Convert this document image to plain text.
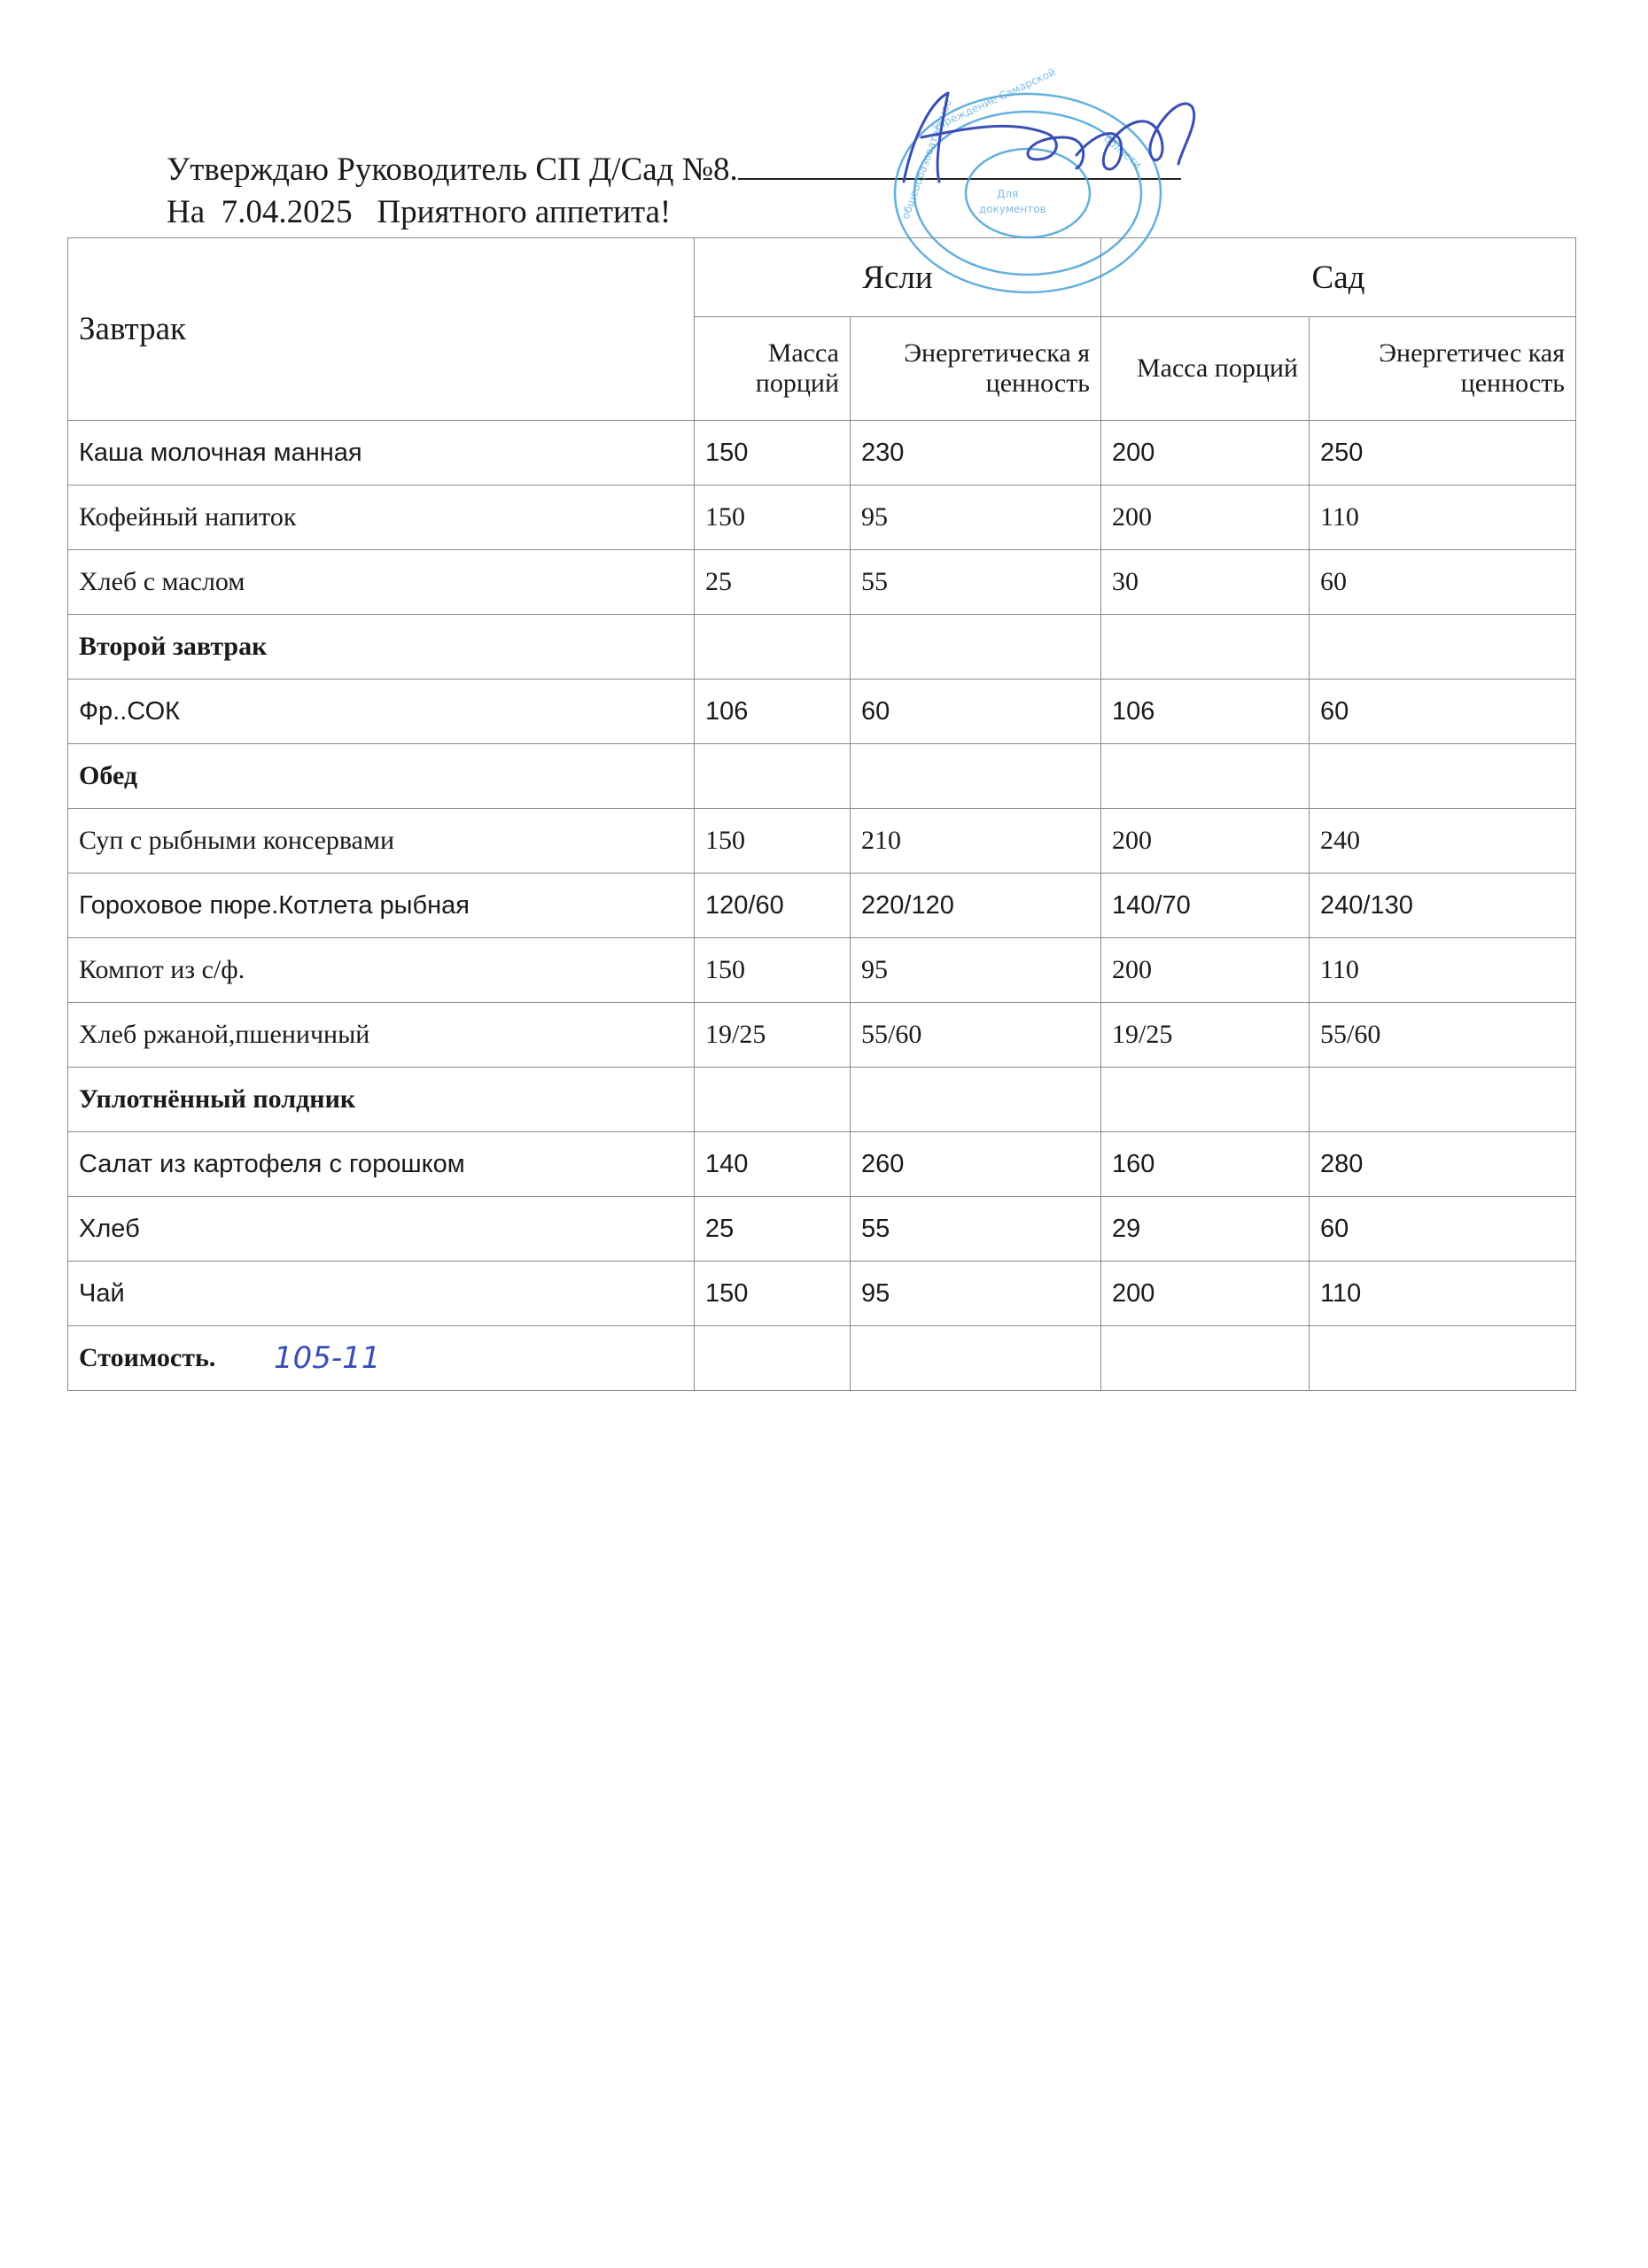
Утверждаю Руководитель СП Д/Сад №8.
На  7.04.2025   Приятного аппетита!
Завтрак	Ясли		Сад	
	Масса порций	Энергетическа я ценность	Масса порций	Энергетичес кая ценность
Каша молочная манная	150	230	200	250
Кофейный напиток	150	95	200	110
Хлеб с маслом	25	55	30	60
Второй завтрак				
Фр..СОК	106	60	106	60
Обед				
Суп с рыбными консервами	150	210	200	240
Гороховое пюре.Котлета рыбная	120/60	220/120	140/70	240/130
Компот из с/ф.	150	95	200	110
Хлеб ржаной,пшеничный	19/25	55/60	19/25	55/60
Уплотнённый полдник				
Салат из картофеля с горошком	140	260	160	280
Хлеб	25	55	29	60
Чай	150	95	200	110
Стоимость.				
учреждение Самарской
общеобразовательное	области
Для
документов
105-11
